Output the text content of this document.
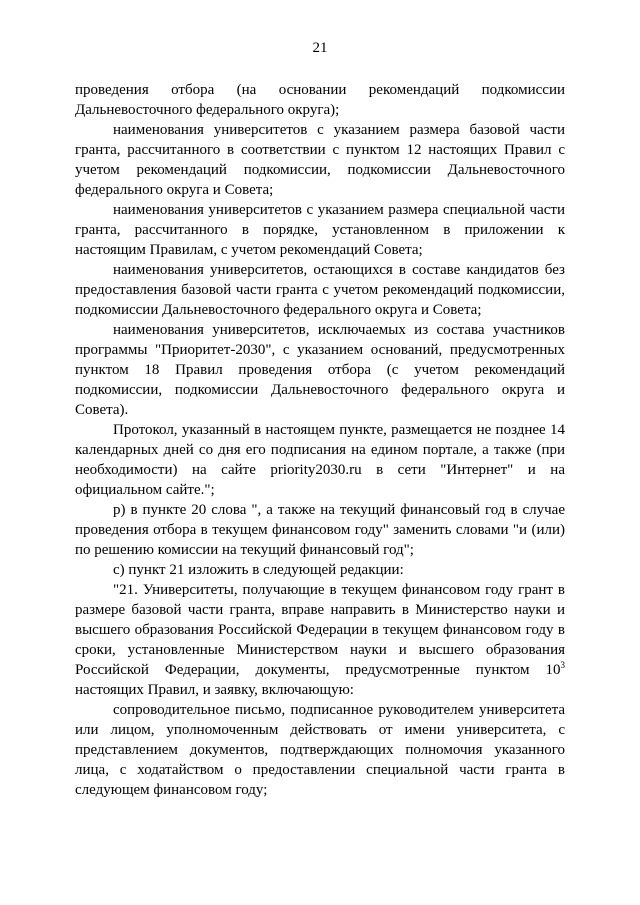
21

проведения отбора (на основании рекомендаций подкомиссии Дальневосточного федерального округа);

наименования университетов с указанием размера базовой части гранта, рассчитанного в соответствии с пунктом 12 настоящих Правил с учетом рекомендаций подкомиссии, подкомиссии Дальневосточного федерального округа и Совета;

наименования университетов с указанием размера специальной части гранта, рассчитанного в порядке, установленном в приложении к настоящим Правилам, с учетом рекомендаций Совета;

наименования университетов, остающихся в составе кандидатов без предоставления базовой части гранта с учетом рекомендаций подкомиссии, подкомиссии Дальневосточного федерального округа и Совета;

наименования университетов, исключаемых из состава участников программы "Приоритет-2030", с указанием оснований, предусмотренных пунктом 18 Правил проведения отбора (с учетом рекомендаций подкомиссии, подкомиссии Дальневосточного федерального округа и Совета).

Протокол, указанный в настоящем пункте, размещается не позднее 14 календарных дней со дня его подписания на едином портале, а также (при необходимости) на сайте priority2030.ru в сети "Интернет" и на официальном сайте.";

р) в пункте 20 слова ", а также на текущий финансовый год в случае проведения отбора в текущем финансовом году" заменить словами "и (или) по решению комиссии на текущий финансовый год";

с) пункт 21 изложить в следующей редакции:

"21. Университеты, получающие в текущем финансовом году грант в размере базовой части гранта, вправе направить в Министерство науки и высшего образования Российской Федерации в текущем финансовом году в сроки, установленные Министерством науки и высшего образования Российской Федерации, документы, предусмотренные пунктом $10^3$ настоящих Правил, и заявку, включающую:

сопроводительное письмо, подписанное руководителем университета или лицом, уполномоченным действовать от имени университета, с представлением документов, подтверждающих полномочия указанного лица, с ходатайством о предоставлении специальной части гранта в следующем финансовом году;
